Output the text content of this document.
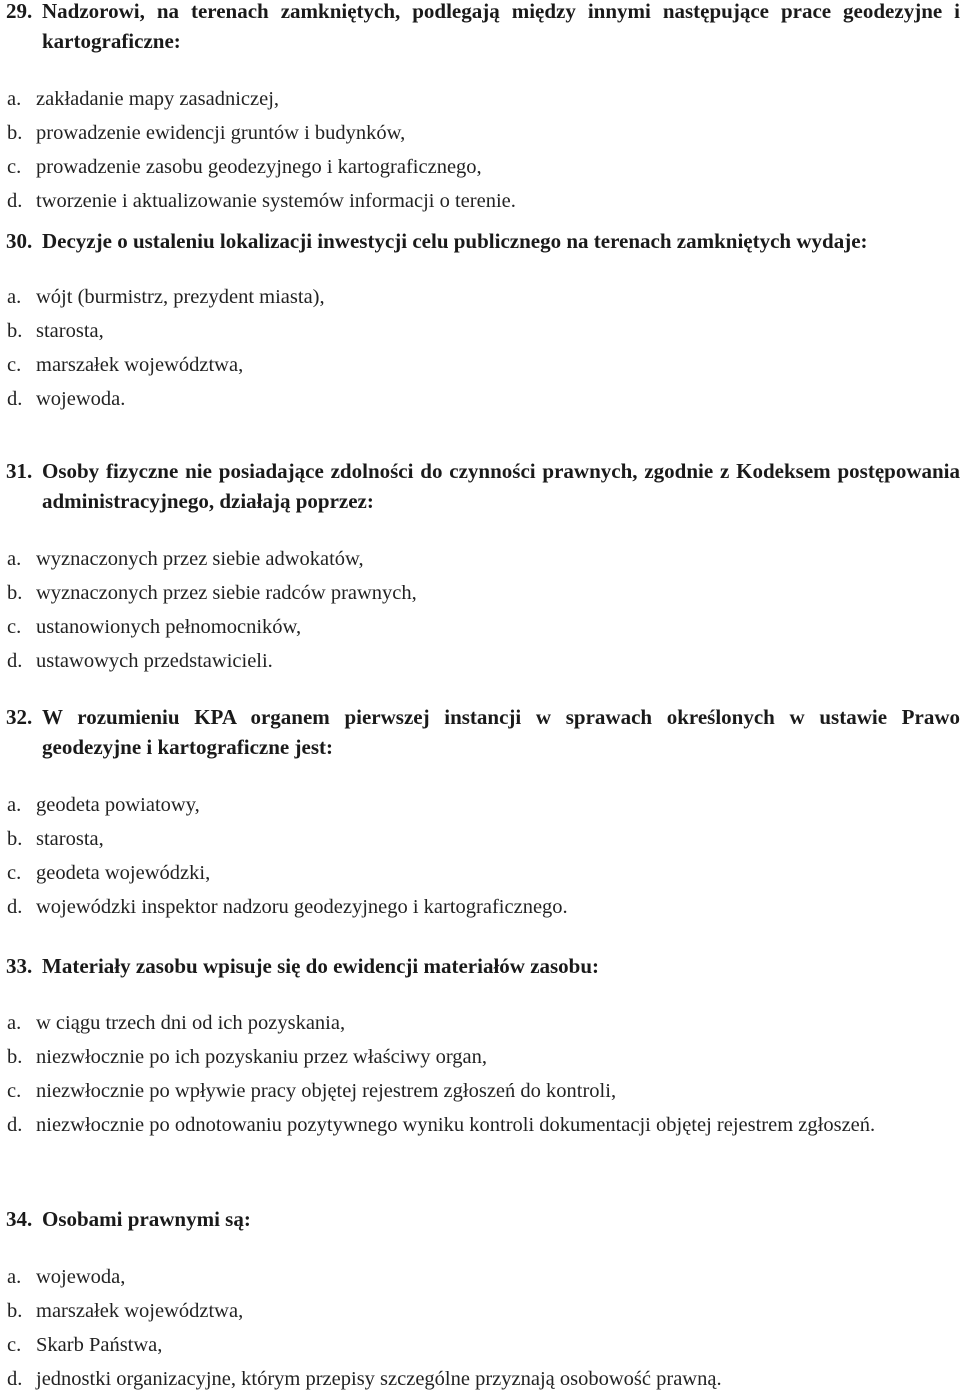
29. Nadzorowi, na terenach zamkniętych, podlegają między innymi następujące prace geodezyjne i kartograficzne:
a. zakładanie mapy zasadniczej,
b. prowadzenie ewidencji gruntów i budynków,
c. prowadzenie zasobu geodezyjnego i kartograficznego,
d. tworzenie i aktualizowanie systemów informacji o terenie.
30. Decyzje o ustaleniu lokalizacji inwestycji celu publicznego na terenach zamkniętych wydaje:
a. wójt (burmistrz, prezydent miasta),
b. starosta,
c. marszałek województwa,
d. wojewoda.
31. Osoby fizyczne nie posiadające zdolności do czynności prawnych, zgodnie z Kodeksem postępowania administracyjnego, działają poprzez:
a. wyznaczonych przez siebie adwokatów,
b. wyznaczonych przez siebie radców prawnych,
c. ustanowionych pełnomocników,
d. ustawowych przedstawicieli.
32. W rozumieniu KPA organem pierwszej instancji w sprawach określonych w ustawie Prawo geodezyjne i kartograficzne jest:
a. geodeta powiatowy,
b. starosta,
c. geodeta wojewódzki,
d. wojewódzki inspektor nadzoru geodezyjnego i kartograficznego.
33. Materiały zasobu wpisuje się do ewidencji materiałów zasobu:
a. w ciągu trzech dni od ich pozyskania,
b. niezwłocznie po ich pozyskaniu przez właściwy organ,
c. niezwłocznie po wpływie pracy objętej rejestrem zgłoszeń do kontroli,
d. niezwłocznie po odnotowaniu pozytywnego wyniku kontroli dokumentacji objętej rejestrem zgłoszeń.
34. Osobami prawnymi są:
a. wojewoda,
b. marszałek województwa,
c. Skarb Państwa,
d. jednostki organizacyjne, którym przepisy szczególne przyznają osobowość prawną.
